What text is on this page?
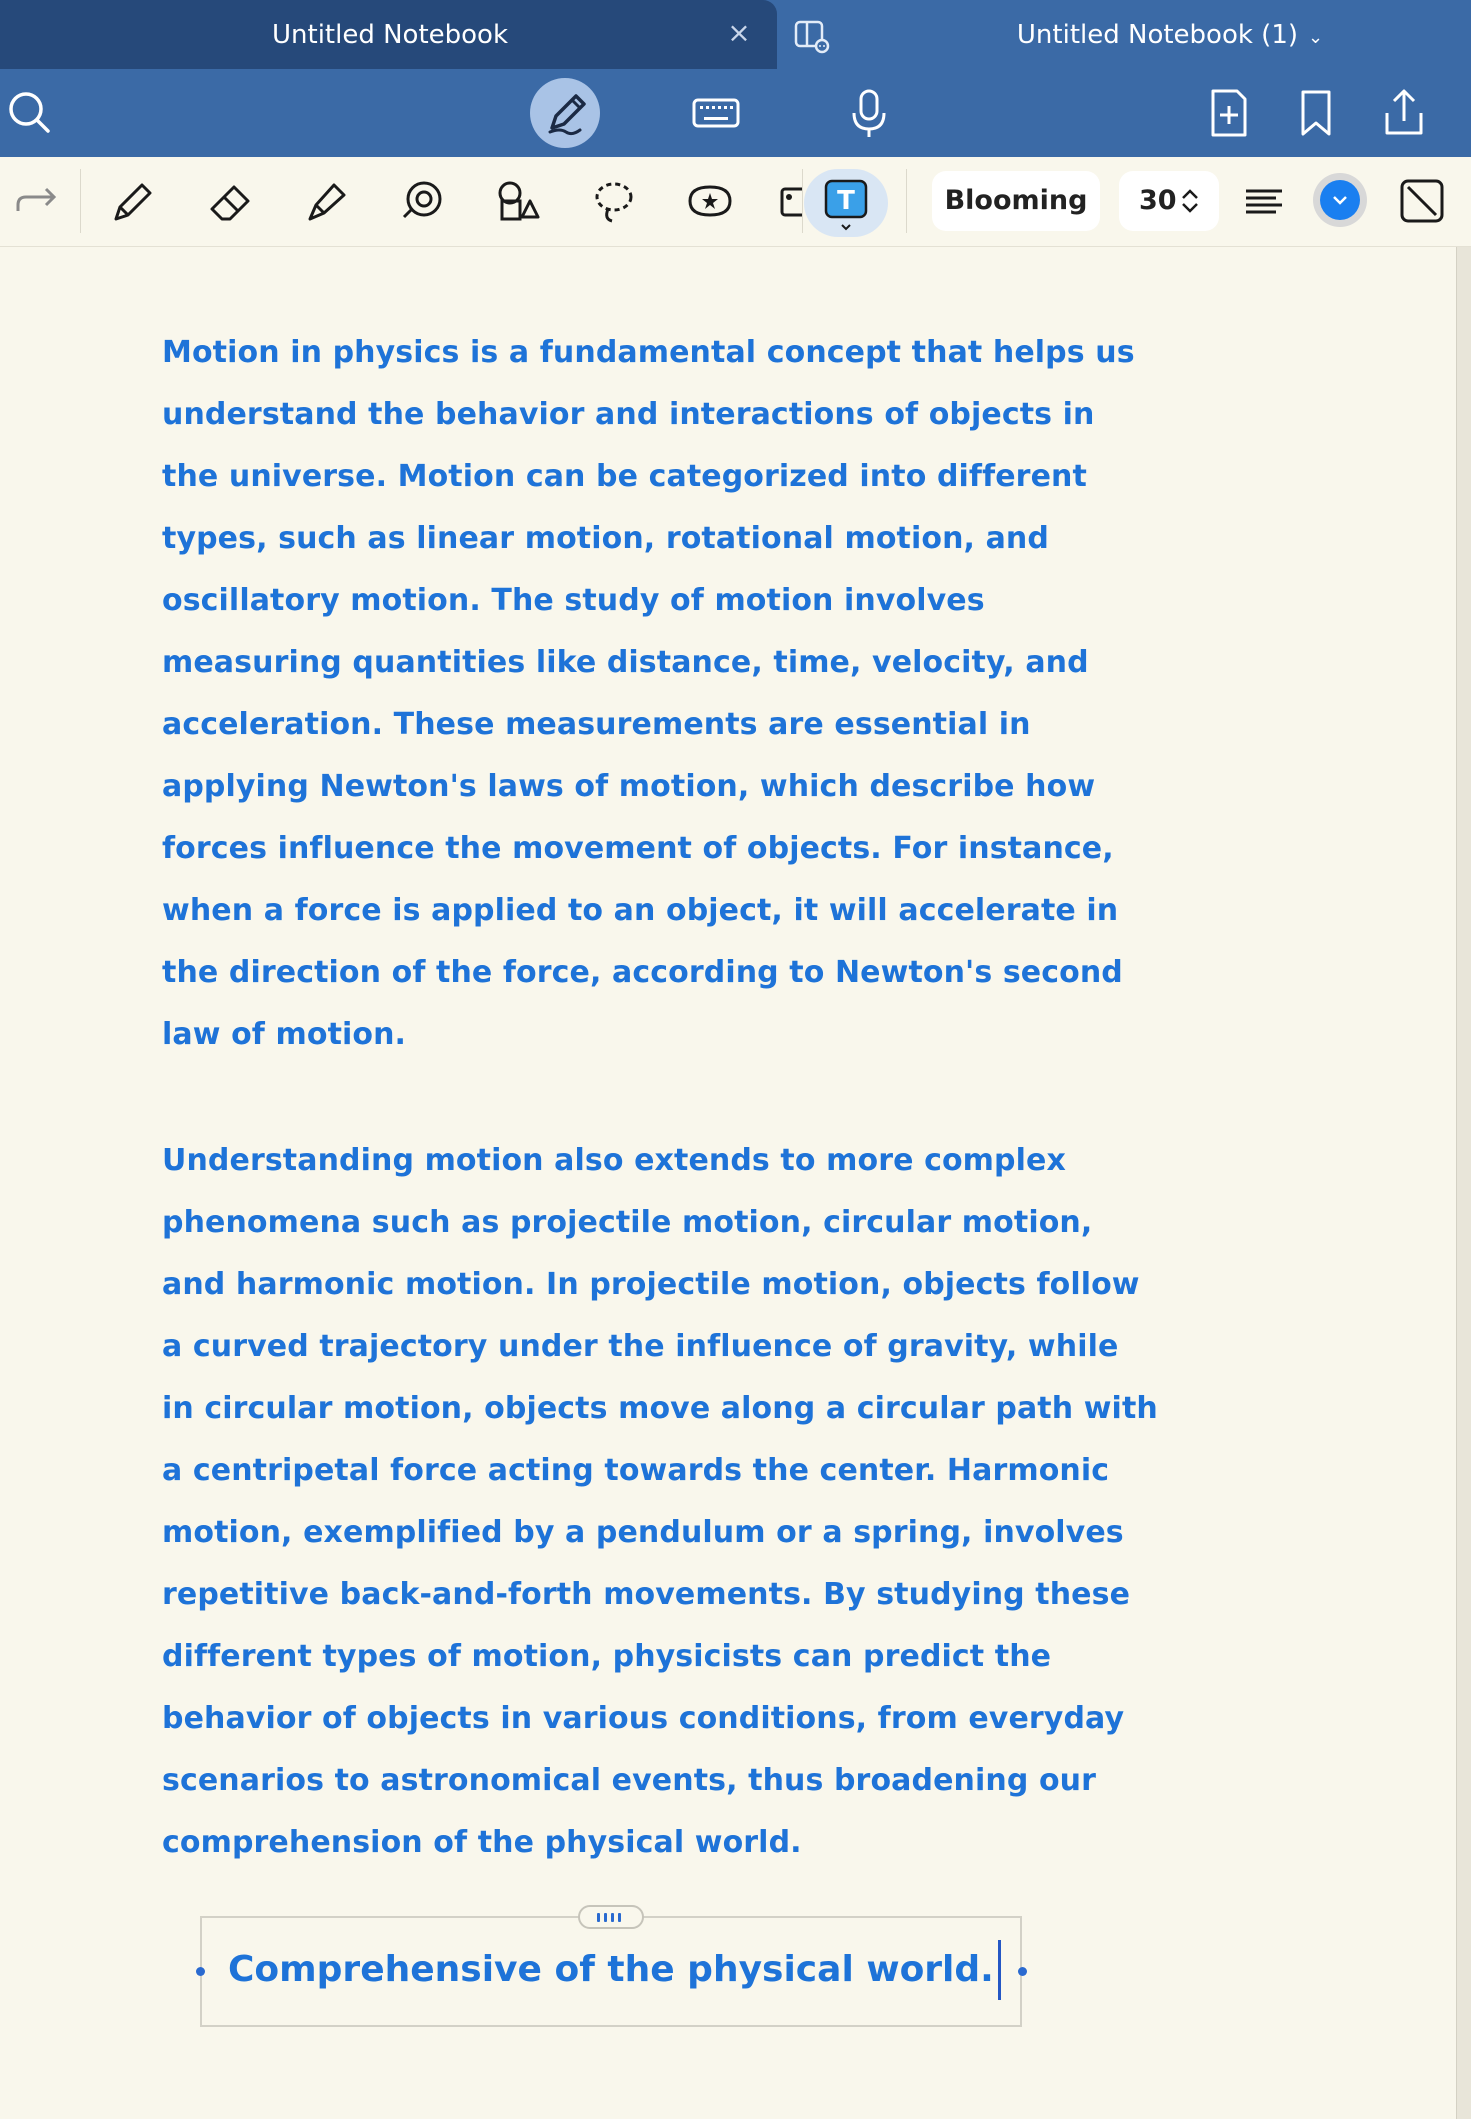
Untitled Notebook	×	Untitled Notebook (1) ⌄
T	Blooming	30
Motion in physics is a fundamental concept that helps us
understand the behavior and interactions of objects in
the universe. Motion can be categorized into different
types, such as linear motion, rotational motion, and
oscillatory motion. The study of motion involves
measuring quantities like distance, time, velocity, and
acceleration. These measurements are essential in
applying Newton's laws of motion, which describe how
forces influence the movement of objects. For instance,
when a force is applied to an object, it will accelerate in
the direction of the force, according to Newton's second
law of motion.
Understanding motion also extends to more complex
phenomena such as projectile motion, circular motion,
and harmonic motion. In projectile motion, objects follow
a curved trajectory under the influence of gravity, while
in circular motion, objects move along a circular path with
a centripetal force acting towards the center. Harmonic
motion, exemplified by a pendulum or a spring, involves
repetitive back-and-forth movements. By studying these
different types of motion, physicists can predict the
behavior of objects in various conditions, from everyday
scenarios to astronomical events, thus broadening our
comprehension of the physical world.
Comprehensive of the physical world.
